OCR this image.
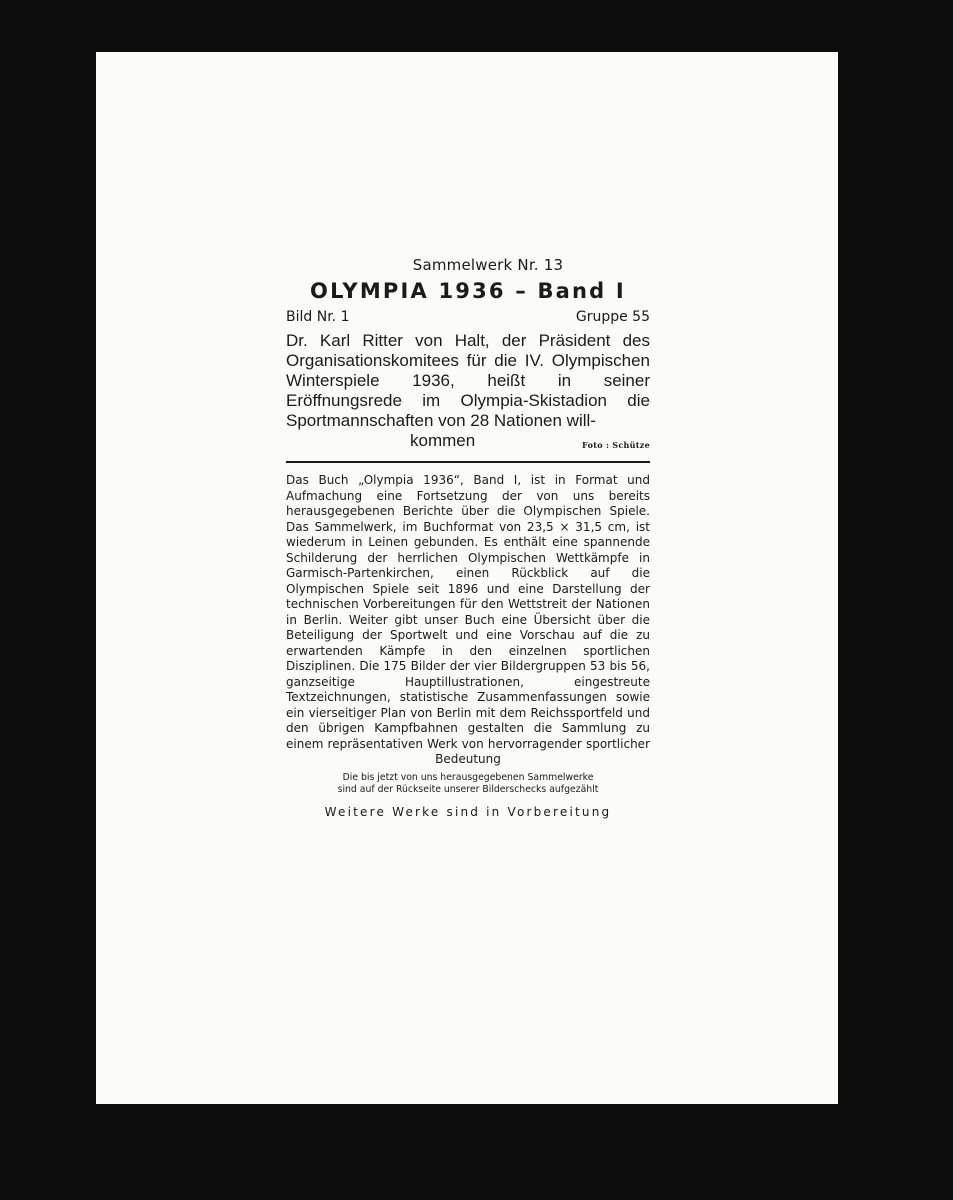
Sammelwerk Nr. 13
OLYMPIA 1936 – Band I
Bild Nr. 1	Gruppe 55
Dr. Karl Ritter von Halt, der Präsident des Organisationskomitees für die IV. Olympischen Winterspiele 1936, heißt in seiner Eröffnungsrede im Olympia-Skistadion die Sportmannschaften von 28 Nationen will-
kommen	Foto : Schütze
Das Buch „Olympia 1936“, Band I, ist in Format und Aufmachung eine Fortsetzung der von uns bereits herausgegebenen Berichte über die Olympischen Spiele. Das Sammelwerk, im Buchformat von 23,5 × 31,5 cm, ist wiederum in Leinen gebunden. Es enthält eine spannende Schilderung der herrlichen Olympischen Wettkämpfe in Garmisch-Partenkirchen, einen Rückblick auf die Olympischen Spiele seit 1896 und eine Darstellung der technischen Vorbereitungen für den Wettstreit der Nationen in Berlin. Weiter gibt unser Buch eine Übersicht über die Beteiligung der Sportwelt und eine Vorschau auf die zu erwartenden Kämpfe in den einzelnen sportlichen Disziplinen. Die 175 Bilder der vier Bildergruppen 53 bis 56, ganzseitige Hauptillustrationen, eingestreute Textzeichnungen, statistische Zusammenfassungen sowie ein vierseitiger Plan von Berlin mit dem Reichssportfeld und den übrigen Kampfbahnen gestalten die Sammlung zu einem repräsentativen Werk von hervorragender sportlicher Bedeutung
Die bis jetzt von uns herausgegebenen Sammelwerke
sind auf der Rückseite unserer Bilderschecks aufgezählt
Weitere Werke sind in Vorbereitung
